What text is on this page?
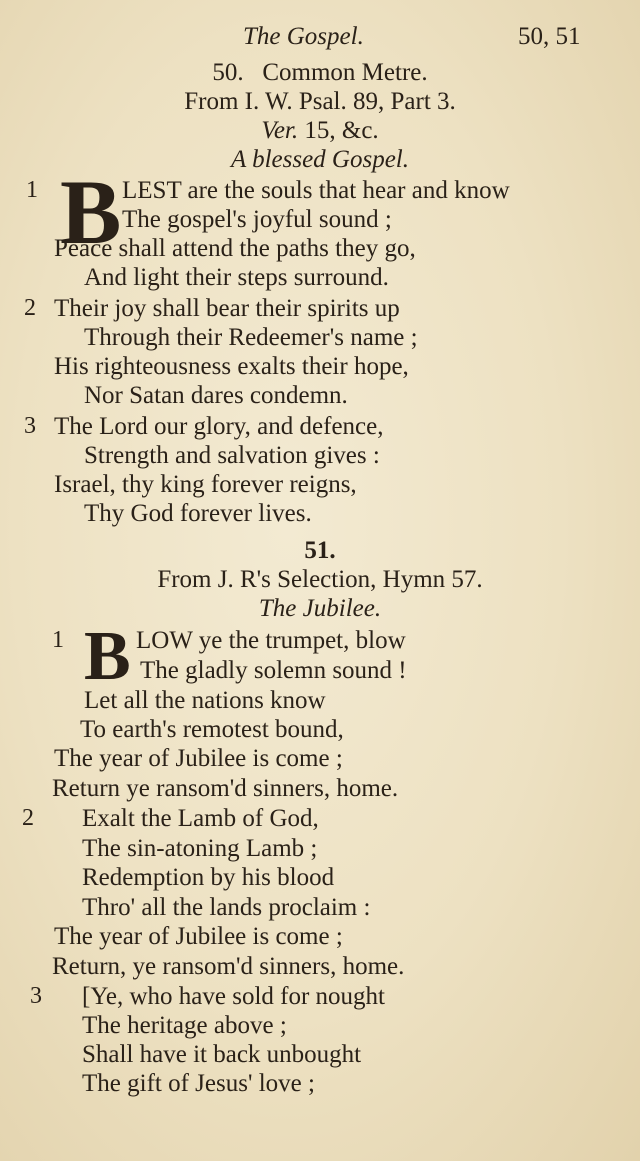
The Gospel.	50, 51
50.   Common Metre.
From I. W. Psal. 89, Part 3.
Ver. 15, &c.
A blessed Gospel.
1 B LEST are the souls that hear and know
The gospel's joyful sound ;
Peace shall attend the paths they go,
And light their steps surround.
2 Their joy shall bear their spirits up
Through their Redeemer's name ;
His righteousness exalts their hope,
Nor Satan dares condemn.
3 The Lord our glory, and defence,
Strength and salvation gives :
Israel, thy king forever reigns,
Thy God forever lives.
51.
From J. R's Selection, Hymn 57.
The Jubilee.
1 B LOW ye the trumpet, blow
The gladly solemn sound !
Let all the nations know
To earth's remotest bound,
The year of Jubilee is come ;
Return ye ransom'd sinners, home.
2 Exalt the Lamb of God,
The sin-atoning Lamb ;
Redemption by his blood
Thro' all the lands proclaim :
The year of Jubilee is come ;
Return, ye ransom'd sinners, home.
3 [Ye, who have sold for nought
The heritage above ;
Shall have it back unbought
The gift of Jesus' love ;
